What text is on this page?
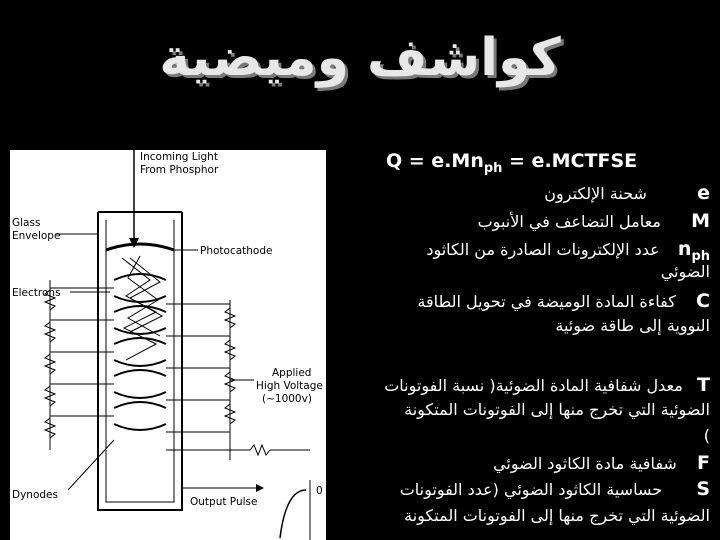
كواشف وميضية
Incoming Light
From Phosphor
Glass
Envelope
Photocathode
Electrons
Applied
High Voltage
(~1000v)
Dynodes
Output Pulse
0
$Q = e.Mn_{ph}$ = e.MCTFSE
e  شحنة الإلكترون
M  معامل التضاعف في الأنبوب
$n_{ph}$  عدد الإلكترونات الصادرة من الكاثود
الضوئي
C  كفاءة المادة الوميضة في تحويل الطاقة
النووية إلى طاقة ضوئية
T  معدل شفافية المادة الضوئية( نسبة الفوتونات
الضوئية التي تخرج منها إلى الفوتونات المتكونة
)
F  شفافية مادة الكاثود الضوئي
S  حساسية الكاثود الضوئي (عدد الفوتونات
الضوئية التي تخرج منها إلى الفوتونات المتكونة
